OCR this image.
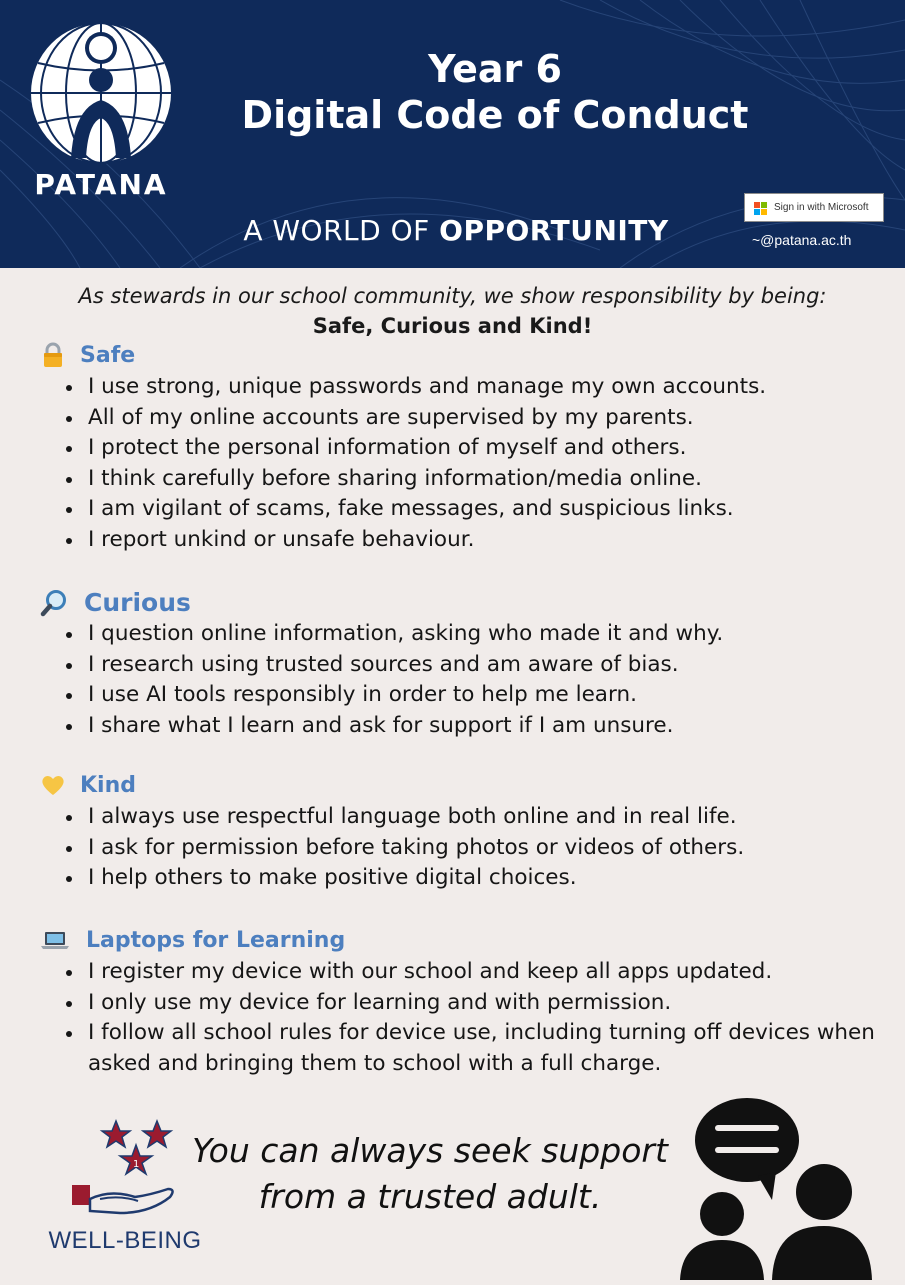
PATANA
Year 6
Digital Code of Conduct
A WORLD OF OPPORTUNITY
Sign in with Microsoft
~@patana.ac.th
As stewards in our school community, we show responsibility by being:
Safe, Curious and Kind!
Safe
I use strong, unique passwords and manage my own accounts.
All of my online accounts are supervised by my parents.
I protect the personal information of myself and others.
I think carefully before sharing information/media online.
I am vigilant of scams, fake messages, and suspicious links.
I report unkind or unsafe behaviour.
Curious
I question online information, asking who made it and why.
I research using trusted sources and am aware of bias.
I use AI tools responsibly in order to help me learn.
I share what I learn and ask for support if I am unsure.
Kind
I always use respectful language both online and in real life.
I ask for permission before taking photos or videos of others.
I help others to make positive digital choices.
Laptops for Learning
I register my device with our school and keep all apps updated.
I only use my device for learning and with permission.
I follow all school rules for device use, including turning off devices when asked and bringing them to school with a full charge.
1
WELL-BEING
You can always seek support
from a trusted adult.
